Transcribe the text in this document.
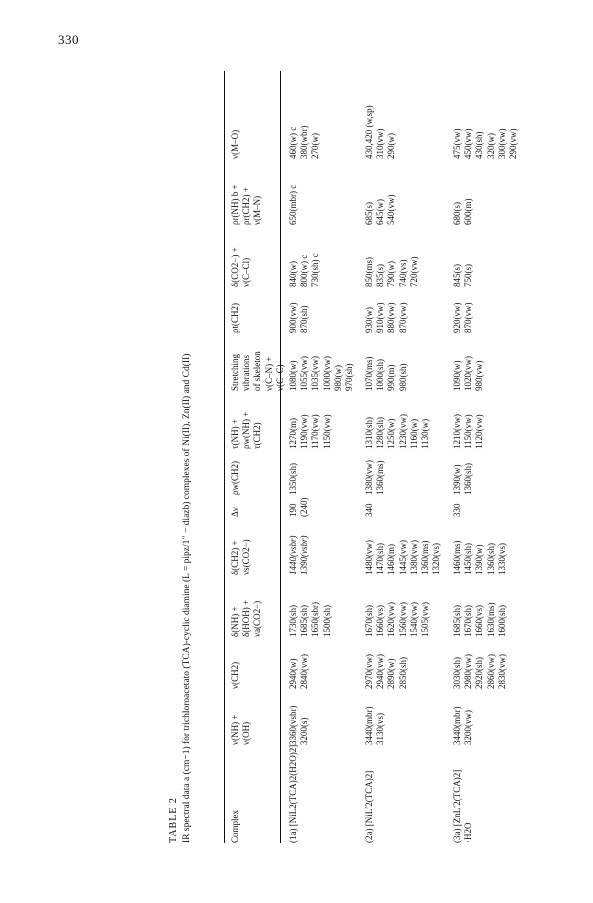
330
TABLE 2 IR spectral data a (cm−1) for trichloroacetato (TCA)-cyclic diamine (L = pipz/1′′ − diazb) complexes of Ni(II), Zn(II) and Cd(II)	Complex
ν(NH) +
ν(OH)
ν(CH2)
δ(NH) +
δ(HOH) +
νa(CO2−)
δ(CH2) +
νs(CO2−)
Δν
ρw(CH2)
τ(NH) +
ρw(NH) +
τ(CH2)
Stretching
vibrations
of skeleton
ν(C–N) +
ν(C–C)
ρt(CH2)
δ(CO2−) +
ν(C–Cl)
ρr(NH) b +
ρr(CH2) +
ν(M–N)
ν(M–O)
(1a) [NiL2(TCA)2(H2O)2]
3360(vsbr)
3200(s)
2940(w)
2840(vw)
1730(sh)
1685(sh)
1650(sbr)
1500(sh)
1440(vsbr)
1390(vsbr)
190
(240)
1350(sh)
1270(m)
1190(vw)
1170(vw)
1150(vw)
1080(w)
1055(vw)
1035(vw)
1000(vw)
980(w)
970(sh)
900(vw)
870(sh)
840(w)
800(w) c
730(sh) c
650(mbr) c
460(w) c
380(wbr)
270(w)
(2a) [NiL′2(TCA)2]
3440(mbr)
3130(vs)
2970(vw)
2940(vw)
2890(w)
2850(sh)
1670(sh)
1660(vs)
1620(vw)
1560(vw)
1540(vw)
1505(vw)
1480(vw)
1470(sh)
1460(m)
1445(vw)
1380(vw)
1360(ms)
1320(vs)
340
1380(vw)
1360(ms)
1310(sh)
1280(sh)
1250(w)
1230(vw)
1160(w)
1130(w)
1070(ms)
1000(sh)
990(m)
980(sh)
930(w)
910(vw)
880(vw)
870(vw)
850(ms)
835(s)
790(w)
740(vs)
720(vw)
685(s)
645(w)
540(vw)
430,420 (w,sp)
310(vw)
290(w)
(3a) [ZnL′2(TCA)2]
·H2O
3440(mbr)
3200(vw)
3030(sh)
2980(vw)
2920(sh)
2860(vw)
2830(vw)
1685(sh)
1670(sh)
1660(vs)
1630(ms)
1600(sh)
1460(ms)
1450(sh)
1390(w)
1360(sh)
1330(vs)
330
1390(w)
1360(sh)
1210(vw)
1150(vw)
1120(vw)
1090(w)
1020(vw)
980(vw)
920(vw)
870(vw)
845(s)
750(s)
680(s)
600(m)
475(vw)
450(vw)
430(sh)
320(w)
300(vw)
290(vw)
